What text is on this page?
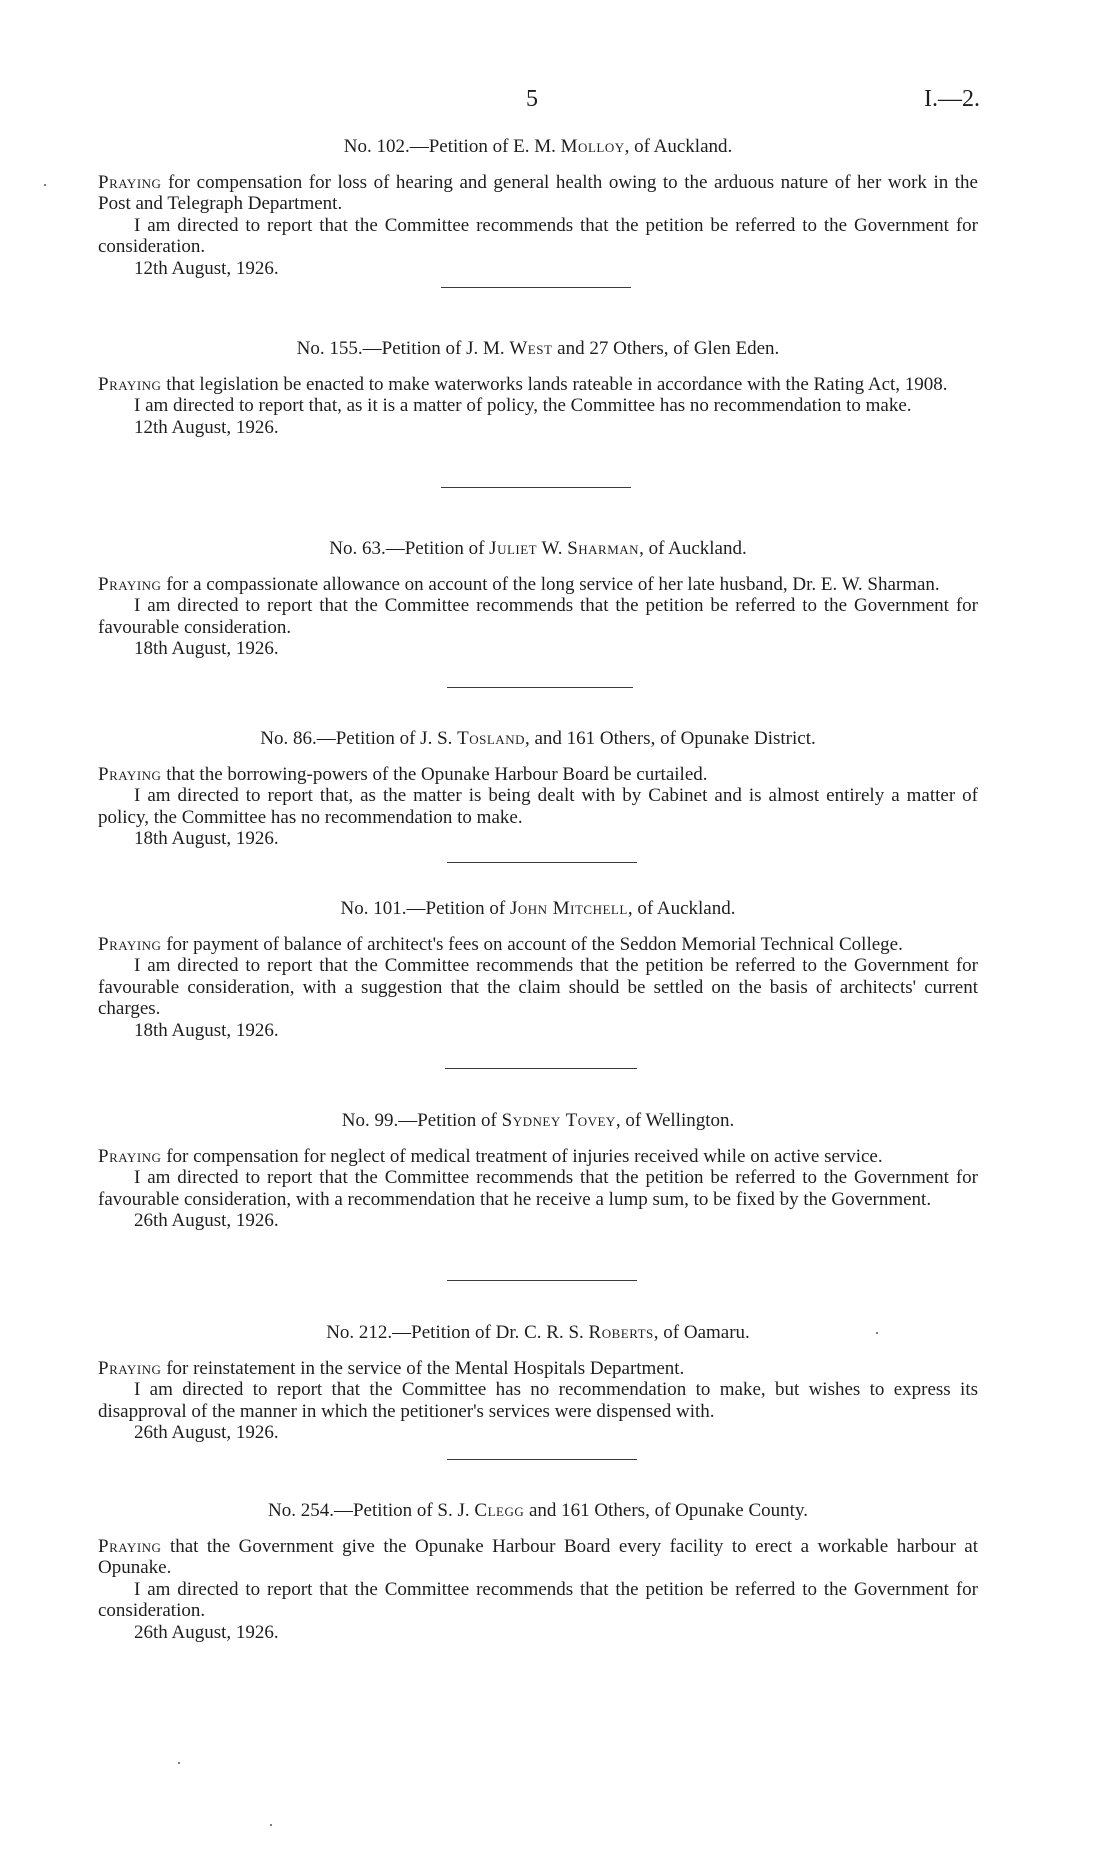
5	I.—2.

No. 102.—Petition of E. M. Molloy, of Auckland.

Praying for compensation for loss of hearing and general health owing to the arduous nature of her work in the Post and Telegraph Department.

I am directed to report that the Committee recommends that the petition be referred to the Government for consideration.

12th August, 1926.

No. 155.—Petition of J. M. West and 27 Others, of Glen Eden.

Praying that legislation be enacted to make waterworks lands rateable in accordance with the Rating Act, 1908.

I am directed to report that, as it is a matter of policy, the Committee has no recommendation to make.

12th August, 1926.

No. 63.—Petition of Juliet W. Sharman, of Auckland.

Praying for a compassionate allowance on account of the long service of her late husband, Dr. E. W. Sharman.

I am directed to report that the Committee recommends that the petition be referred to the Government for favourable consideration.

18th August, 1926.

No. 86.—Petition of J. S. Tosland, and 161 Others, of Opunake District.

Praying that the borrowing-powers of the Opunake Harbour Board be curtailed.

I am directed to report that, as the matter is being dealt with by Cabinet and is almost entirely a matter of policy, the Committee has no recommendation to make.

18th August, 1926.

No. 101.—Petition of John Mitchell, of Auckland.

Praying for payment of balance of architect's fees on account of the Seddon Memorial Technical College.

I am directed to report that the Committee recommends that the petition be referred to the Government for favourable consideration, with a suggestion that the claim should be settled on the basis of architects' current charges.

18th August, 1926.

No. 99.—Petition of Sydney Tovey, of Wellington.

Praying for compensation for neglect of medical treatment of injuries received while on active service.

I am directed to report that the Committee recommends that the petition be referred to the Government for favourable consideration, with a recommendation that he receive a lump sum, to be fixed by the Government.

26th August, 1926.

No. 212.—Petition of Dr. C. R. S. Roberts, of Oamaru.

Praying for reinstatement in the service of the Mental Hospitals Department.

I am directed to report that the Committee has no recommendation to make, but wishes to express its disapproval of the manner in which the petitioner's services were dispensed with.

26th August, 1926.

No. 254.—Petition of S. J. Clegg and 161 Others, of Opunake County.

Praying that the Government give the Opunake Harbour Board every facility to erect a workable harbour at Opunake.

I am directed to report that the Committee recommends that the petition be referred to the Government for consideration.

26th August, 1926.
